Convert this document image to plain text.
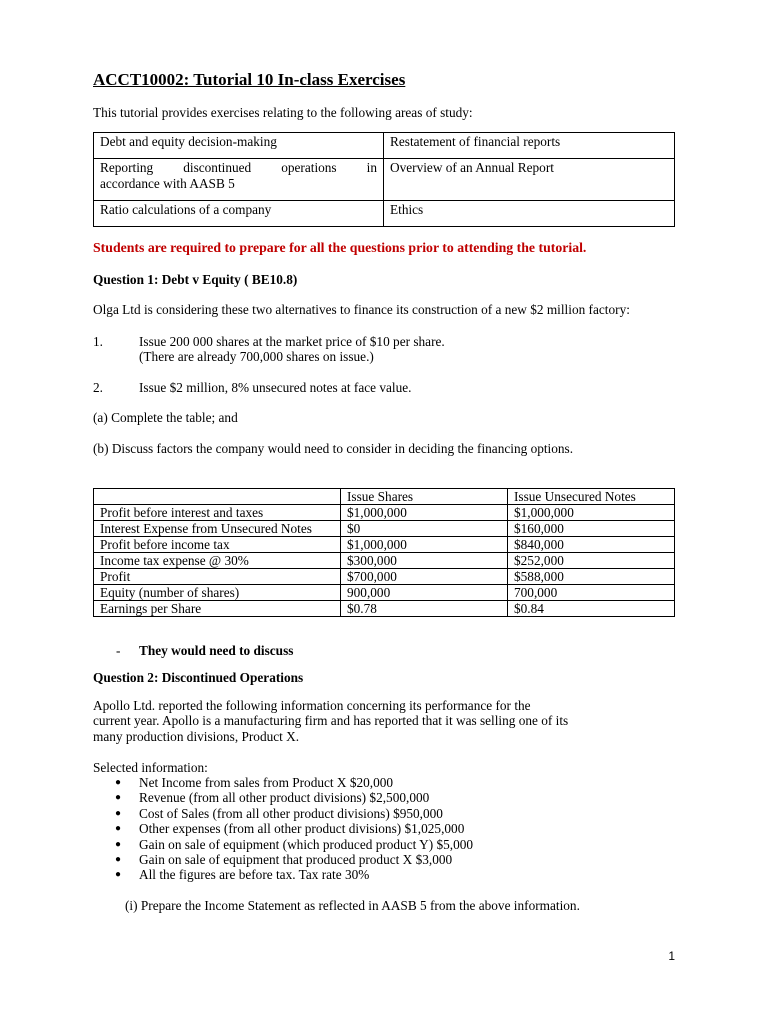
ACCT10002: Tutorial 10 In-class Exercises
This tutorial provides exercises relating to the following areas of study:
Debt and equity decision-making	Restatement of financial reports

Reporting discontinued operations in
accordance with AASB 5	Overview of an Annual Report
Ratio calculations of a company	Ethics
Students are required to prepare for all the questions prior to attending the tutorial.
Question 1: Debt v Equity ( BE10.8)
Olga Ltd is considering these two alternatives to finance its construction of a new $2 million factory:
1.	Issue 200 000 shares at the market price of $10 per share.
(There are already 700,000 shares on issue.)
2.	Issue $2 million, 8% unsecured notes at face value.
(a) Complete the table; and
(b) Discuss factors the company would need to consider in deciding the financing options.
	Issue Shares	Issue Unsecured Notes
Profit before interest and taxes	$1,000,000	$1,000,000
Interest Expense from Unsecured Notes	$0	$160,000
Profit before income tax	$1,000,000	$840,000
Income tax expense @ 30%	$300,000	$252,000
Profit	$700,000	$588,000
Equity (number of shares)	900,000	700,000
Earnings per Share	$0.78	$0.84
- They would need to discuss
Question 2: Discontinued Operations
Apollo Ltd. reported the following information concerning its performance for the
current year. Apollo is a manufacturing firm and has reported that it was selling one of its
many production divisions, Product X.
Selected information:
● Net Income from sales from Product X $20,000
● Revenue (from all other product divisions) $2,500,000
● Cost of Sales (from all other product divisions) $950,000
● Other expenses (from all other product divisions) $1,025,000
● Gain on sale of equipment (which produced product Y) $5,000
● Gain on sale of equipment that produced product X $3,000
● All the figures are before tax. Tax rate 30%
(i) Prepare the Income Statement as reflected in AASB 5 from the above information.
1
